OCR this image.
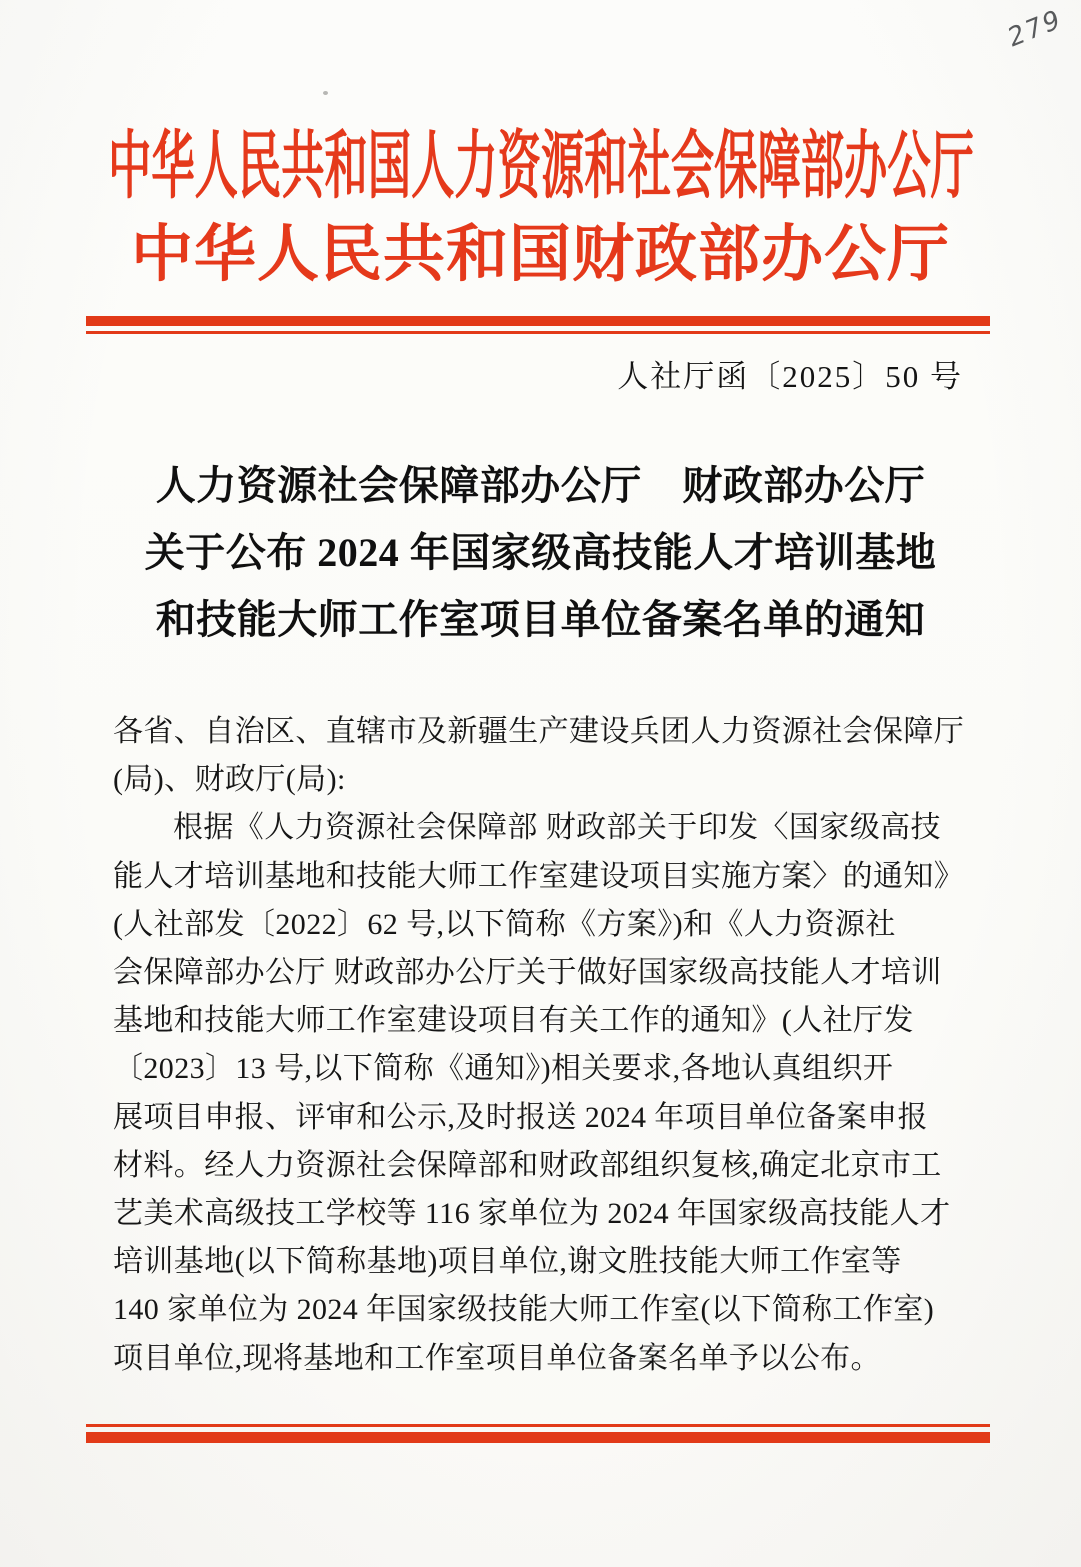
279
中华人民共和国人力资源和社会保障部办公厅
中华人民共和国财政部办公厅
人社厅函〔2025〕50 号
人力资源社会保障部办公厅　财政部办公厅
关于公布 2024 年国家级高技能人才培训基地
和技能大师工作室项目单位备案名单的通知
各省、自治区、直辖市及新疆生产建设兵团人力资源社会保障厅
(局)、财政厅(局):
根据《人力资源社会保障部 财政部关于印发〈国家级高技
能人才培训基地和技能大师工作室建设项目实施方案〉的通知》
(人社部发〔2022〕62 号,以下简称《方案》)和《人力资源社
会保障部办公厅 财政部办公厅关于做好国家级高技能人才培训
基地和技能大师工作室建设项目有关工作的通知》(人社厅发
〔2023〕13 号,以下简称《通知》)相关要求,各地认真组织开
展项目申报、评审和公示,及时报送 2024 年项目单位备案申报
材料。经人力资源社会保障部和财政部组织复核,确定北京市工
艺美术高级技工学校等 116 家单位为 2024 年国家级高技能人才
培训基地(以下简称基地)项目单位,谢文胜技能大师工作室等
140 家单位为 2024 年国家级技能大师工作室(以下简称工作室)
项目单位,现将基地和工作室项目单位备案名单予以公布。
